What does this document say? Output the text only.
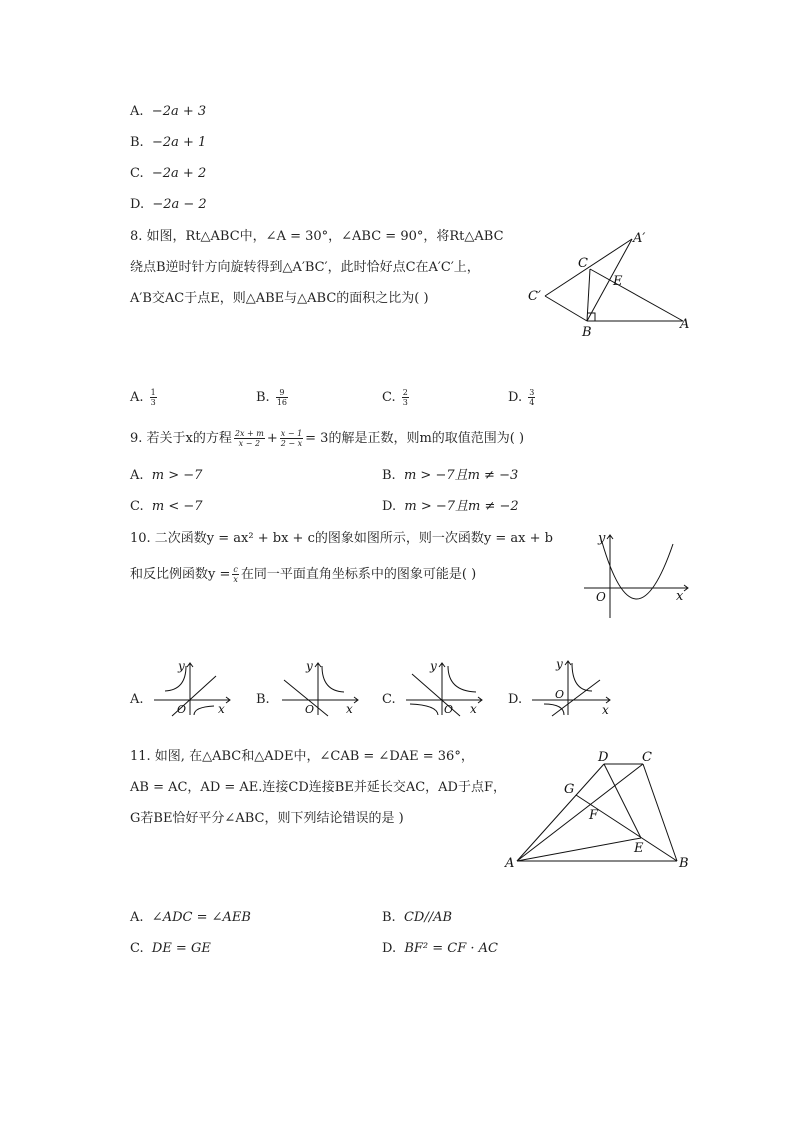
A. −2a + 3
B. −2a + 1
C. −2a + 2
D. −2a − 2
8. 如图，Rt△ABC中，∠A = 30°，∠ABC = 90°，将Rt△ABC
绕点B逆时针方向旋转得到△A′BC′，此时恰好点C在A′C′上，
A′B交AC于点E，则△ABE与△ABC的面积之比为( )
A′
C
E
C′
B
A
A. $\frac{1}{3}$	B. $\frac{9}{16}$	C. $\frac{2}{3}$	D. $\frac{3}{4}$
9. 若关于x的方程 $\frac{2x + m}{x - 2} + \frac{x - 1}{2 - x} = 3$的解是正数，则m的取值范围为( )
A. m > −7	B. m > −7且m ≠ −3
C. m < −7	D. m > −7且m ≠ −2
10. 二次函数y = ax² + bx + c的图象如图所示，则一次函数y = ax + b
和反比例函数$y = \frac{c}{x}$ 在同一平面直角坐标系中的图象可能是( )
y
x
O
A.
y
x
O
B.
y
x
O
C.
y
x
O
D.
y
x
O
11. 如图, 在△ABC和△ADE中，∠CAB = ∠DAE = 36°，
AB = AC，AD = AE.连接CD连接BE并延长交AC，AD于点F，
G若BE恰好平分∠ABC，则下列结论错误的是 )
D	C
G
F
E
A	B
A. ∠ADC = ∠AEB	B. CD//AB
C. DE = GE	D. BF² = CF · AC
